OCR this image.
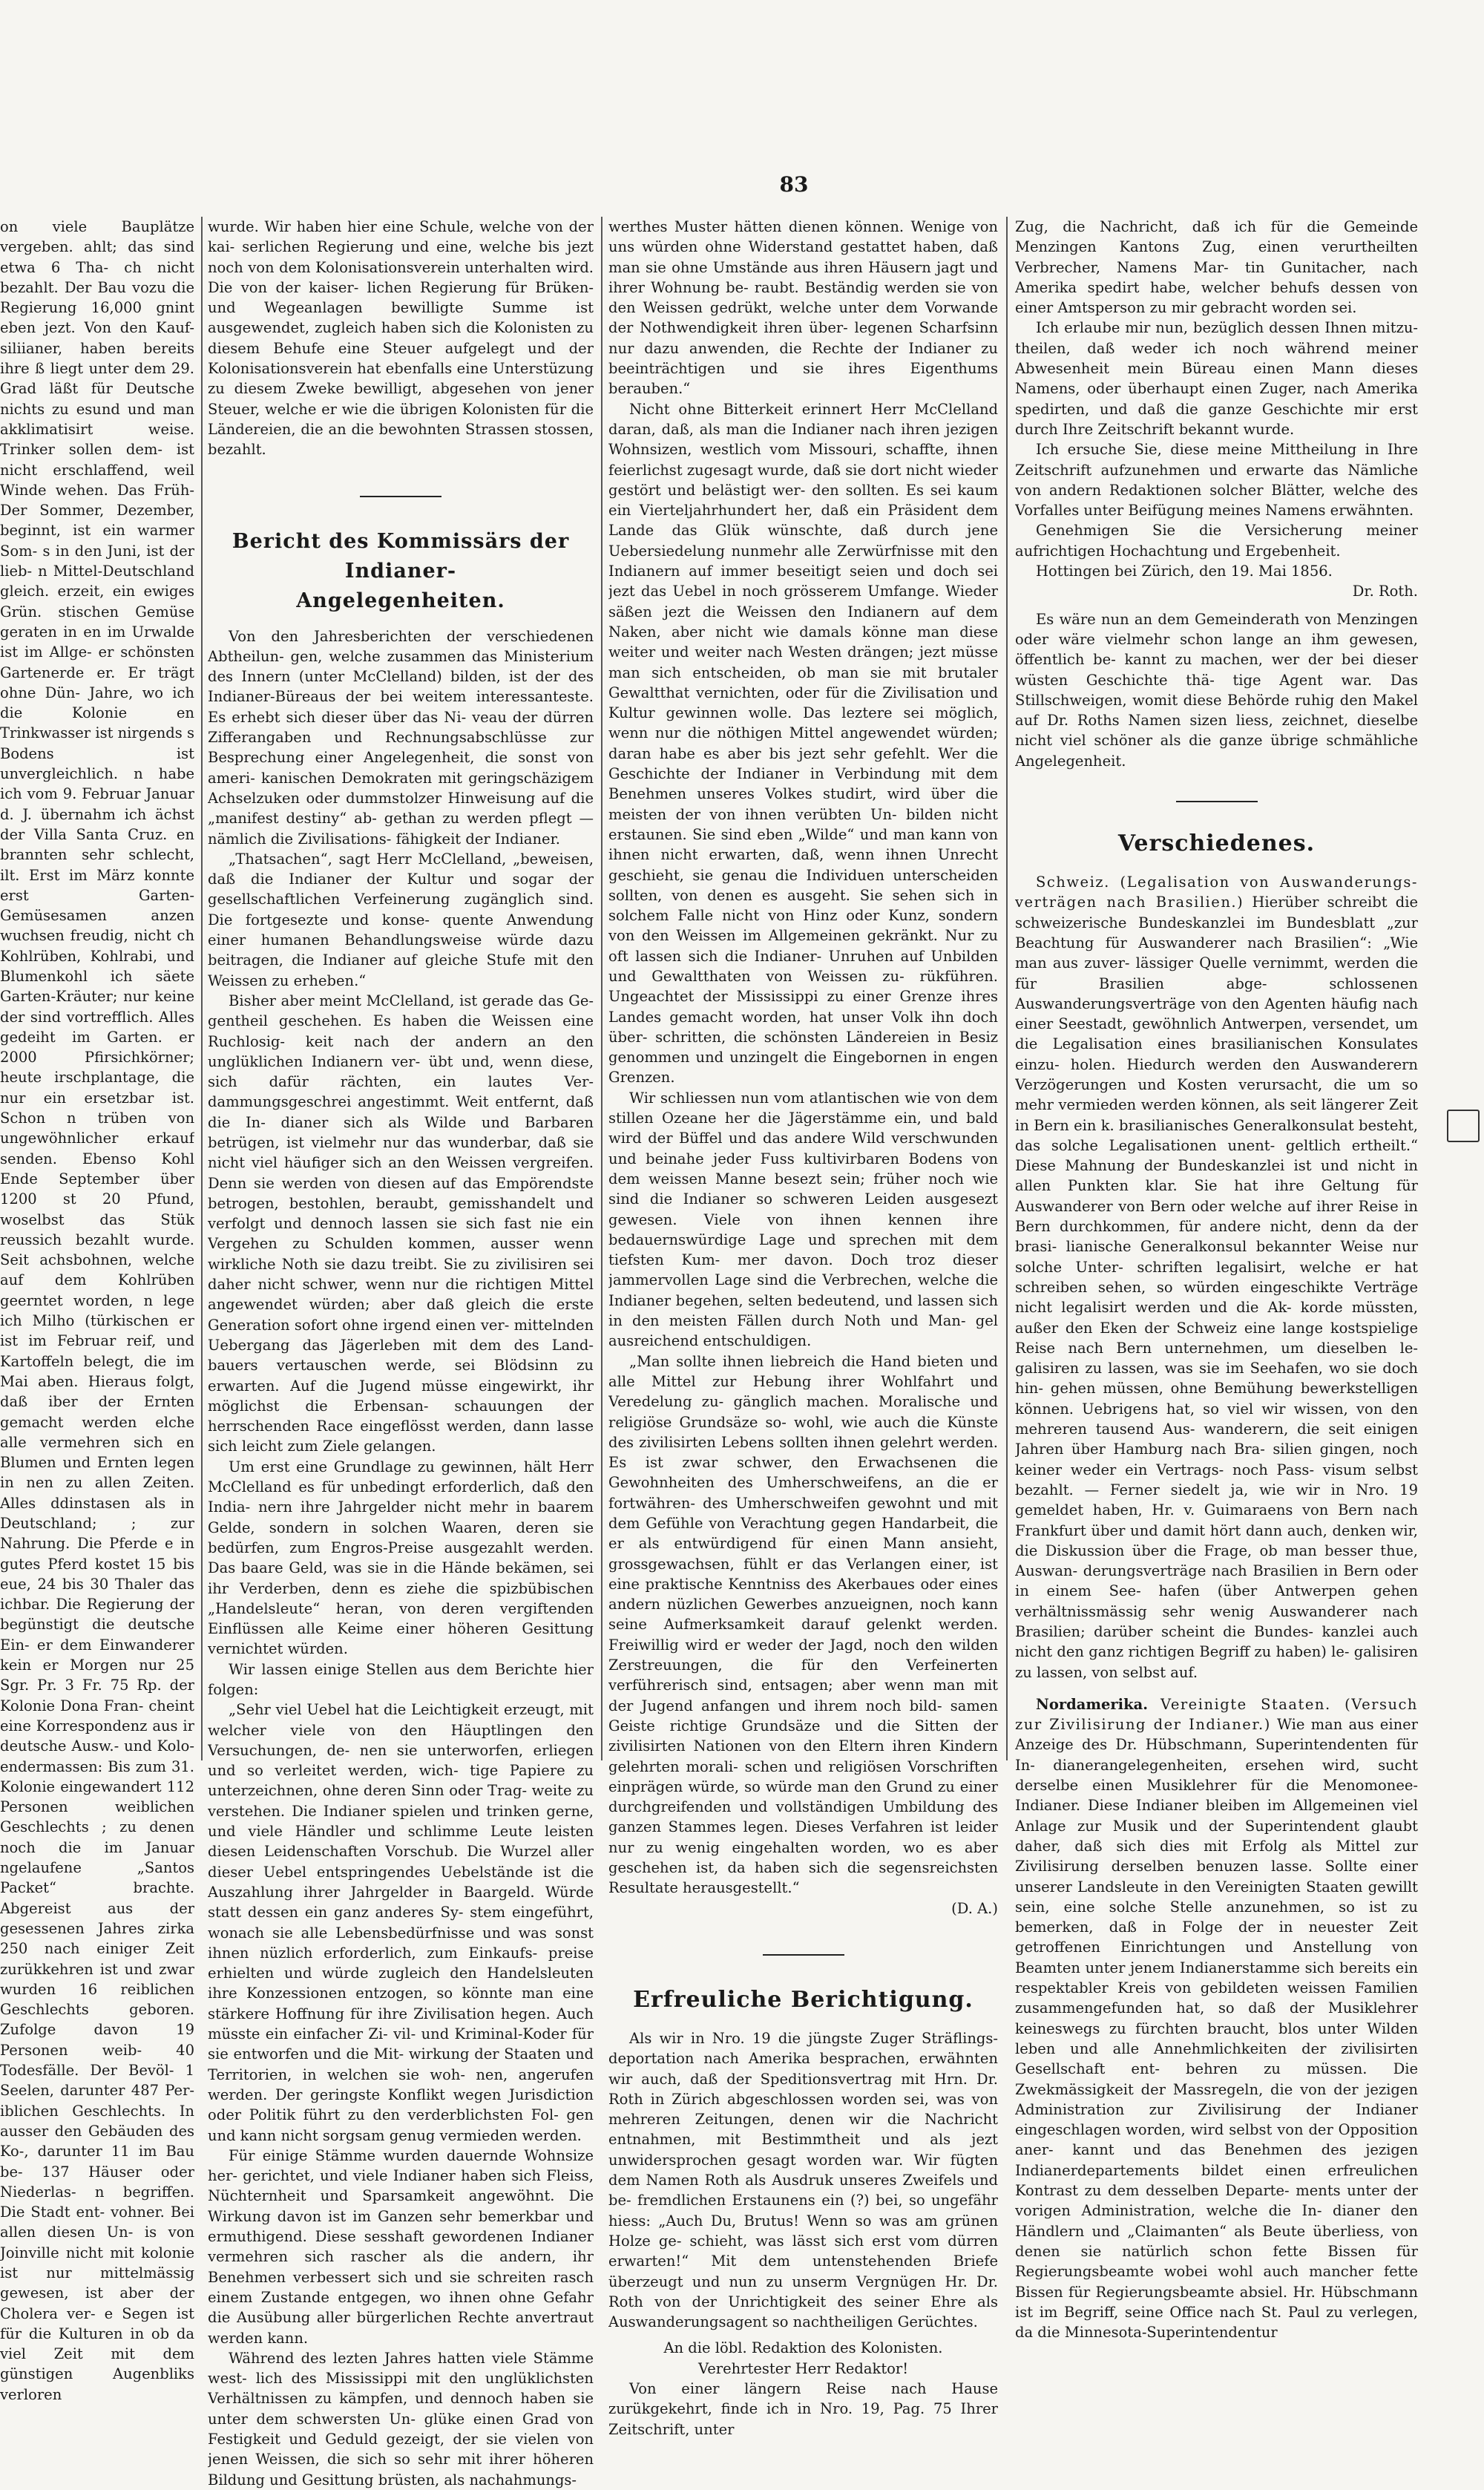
83

on viele Bauplätze vergeben. ahlt; das sind etwa 6 Tha- ch nicht bezahlt. Der Bau vozu die Regierung 16,000 gnint eben jezt. Von den Kauf- siliianer, haben bereits ihre ß liegt unter dem 29. Grad läßt für Deutsche nichts zu esund und man akklimatisirt weise. Trinker sollen dem- ist nicht erschlaffend, weil Winde wehen. Das Früh- Der Sommer, Dezember, beginnt, ist ein warmer Som- s in den Juni, ist der lieb- n Mittel-Deutschland gleich. erzeit, ein ewiges Grün. stischen Gemüse geraten in en im Urwalde ist im Allge- er schönsten Gartenerde er. Er trägt ohne Dün- Jahre, wo ich die Kolonie en Trinkwasser ist nirgends s Bodens ist unvergleichlich. n habe ich vom 9. Februar Januar d. J. übernahm ich ächst der Villa Santa Cruz. en brannten sehr schlecht, ilt. Erst im März konnte erst Garten-Gemüsesamen anzen wuchsen freudig, nicht ch Kohlrüben, Kohlrabi, und Blumenkohl ich säete Garten-Kräuter; nur keine der sind vortrefflich. Alles gedeiht im Garten. er 2000 Pfirsichkörner; heute irschplantage, die nur ein ersetzbar ist. Schon n trüben von ungewöhnlicher erkauf senden. Ebenso Kohl Ende September über 1200 st 20 Pfund, woselbst das Stük reussich bezahlt wurde. Seit achsbohnen, welche auf dem Kohlrüben geerntet worden, n lege ich Milho (türkischen er ist im Februar reif, und Kartoffeln belegt, die im Mai aben. Hieraus folgt, daß iber der Ernten gemacht werden elche alle vermehren sich en Blumen und Ernten legen in nen zu allen Zeiten. Alles ddinstasen als in Deutschland; ; zur Nahrung. Die Pferde e in gutes Pferd kostet 15 bis eue, 24 bis 30 Thaler das ichbar. Die Regierung der begünstigt die deutsche Ein- er dem Einwanderer kein er Morgen nur 25 Sgr. Pr. 3 Fr. 75 Rp. der Kolonie Dona Fran- cheint eine Korrespondenz aus ir deutsche Ausw.- und Kolo- endermassen: Bis zum 31. Kolonie eingewandert 112 Personen weiblichen Geschlechts ; zu denen noch die im Januar ngelaufene „Santos Packet“ brachte. Abgereist aus der gesessenen Jahres zirka 250 nach einiger Zeit zurükkehren ist und zwar wurden 16 reiblichen Geschlechts geboren. Zufolge davon 19 Personen weib- 40 Todesfälle. Der Bevöl- 1 Seelen, darunter 487 Per- iblichen Geschlechts. In ausser den Gebäuden des Ko-, darunter 11 im Bau be- 137 Häuser oder Niederlas- n begriffen. Die Stadt ent- vohner. Bei allen diesen Un- is von Joinville nicht mit kolonie ist nur mittelmässig gewesen, ist aber der Cholera ver- e Segen ist für die Kulturen in ob da viel Zeit mit dem günstigen Augenbliks verloren

wurde. Wir haben hier eine Schule, welche von der kai- serlichen Regierung und eine, welche bis jezt noch von dem Kolonisationsverein unterhalten wird. Die von der kaiser- lichen Regierung für Brüken- und Wegeanlagen bewilligte Summe ist ausgewendet, zugleich haben sich die Kolonisten zu diesem Behufe eine Steuer aufgelegt und der Kolonisationsverein hat ebenfalls eine Unterstüzung zu diesem Zweke bewilligt, abgesehen von jener Steuer, welche er wie die übrigen Kolonisten für die Ländereien, die an die bewohnten Strassen stossen, bezahlt.

Bericht des Kommissärs der Indianer-
Angelegenheiten.

Von den Jahresberichten der verschiedenen Abtheilun- gen, welche zusammen das Ministerium des Innern (unter McClelland) bilden, ist der des Indianer-Büreaus der bei weitem interessanteste. Es erhebt sich dieser über das Ni- veau der dürren Zifferangaben und Rechnungsabschlüsse zur Besprechung einer Angelegenheit, die sonst von ameri- kanischen Demokraten mit geringschäzigem Achselzuken oder dummstolzer Hinweisung auf die „manifest destiny“ ab- gethan zu werden pflegt — nämlich die Zivilisations- fähigkeit der Indianer.

„Thatsachen“, sagt Herr McClelland, „beweisen, daß die Indianer der Kultur und sogar der gesellschaftlichen Verfeinerung zugänglich sind. Die fortgesezte und konse- quente Anwendung einer humanen Behandlungsweise würde dazu beitragen, die Indianer auf gleiche Stufe mit den Weissen zu erheben.“

Bisher aber meint McClelland, ist gerade das Ge- gentheil geschehen. Es haben die Weissen eine Ruchlosig- keit nach der andern an den unglüklichen Indianern ver- übt und, wenn diese, sich dafür rächten, ein lautes Ver- dammungsgeschrei angestimmt. Weit entfernt, daß die In- dianer sich als Wilde und Barbaren betrügen, ist vielmehr nur das wunderbar, daß sie nicht viel häufiger sich an den Weissen vergreifen. Denn sie werden von diesen auf das Empörendste betrogen, bestohlen, beraubt, gemisshandelt und verfolgt und dennoch lassen sie sich fast nie ein Vergehen zu Schulden kommen, ausser wenn wirkliche Noth sie dazu treibt. Sie zu zivilisiren sei daher nicht schwer, wenn nur die richtigen Mittel angewendet würden; aber daß gleich die erste Generation sofort ohne irgend einen ver- mittelnden Uebergang das Jägerleben mit dem des Land- bauers vertauschen werde, sei Blödsinn zu erwarten. Auf die Jugend müsse eingewirkt, ihr möglichst die Erbensan- schauungen der herrschenden Race eingeflösst werden, dann lasse sich leicht zum Ziele gelangen.

Um erst eine Grundlage zu gewinnen, hält Herr McClelland es für unbedingt erforderlich, daß den India- nern ihre Jahrgelder nicht mehr in baarem Gelde, sondern in solchen Waaren, deren sie bedürfen, zum Engros-Preise ausgezahlt werden. Das baare Geld, was sie in die Hände bekämen, sei ihr Verderben, denn es ziehe die spizbübischen „Handelsleute“ heran, von deren vergiftenden Einflüssen alle Keime einer höheren Gesittung vernichtet würden.

Wir lassen einige Stellen aus dem Berichte hier folgen:

„Sehr viel Uebel hat die Leichtigkeit erzeugt, mit welcher viele von den Häuptlingen den Versuchungen, de- nen sie unterworfen, erliegen und so verleitet werden, wich- tige Papiere zu unterzeichnen, ohne deren Sinn oder Trag- weite zu verstehen. Die Indianer spielen und trinken gerne, und viele Händler und schlimme Leute leisten diesen Leidenschaften Vorschub. Die Wurzel aller dieser Uebel entspringendes Uebelstände ist die Auszahlung ihrer Jahrgelder in Baargeld. Würde statt dessen ein ganz anderes Sy- stem eingeführt, wonach sie alle Lebensbedürfnisse und was sonst ihnen nüzlich erforderlich, zum Einkaufs- preise erhielten und würde zugleich den Handelsleuten ihre Konzessionen entzogen, so könnte man eine stärkere Hoffnung für ihre Zivilisation hegen. Auch müsste ein einfacher Zi- vil- und Kriminal-Koder für sie entworfen und die Mit- wirkung der Staaten und Territorien, in welchen sie woh- nen, angerufen werden. Der geringste Konflikt wegen Jurisdiction oder Politik führt zu den verderblichsten Fol- gen und kann nicht sorgsam genug vermieden werden.

Für einige Stämme wurden dauernde Wohnsize her- gerichtet, und viele Indianer haben sich Fleiss, Nüchternheit und Sparsamkeit angewöhnt. Die Wirkung davon ist im Ganzen sehr bemerkbar und ermuthigend. Diese sesshaft gewordenen Indianer vermehren sich rascher als die andern, ihr Benehmen verbessert sich und sie schreiten rasch einem Zustande entgegen, wo ihnen ohne Gefahr die Ausübung aller bürgerlichen Rechte anvertraut werden kann.

Während des lezten Jahres hatten viele Stämme west- lich des Mississippi mit den unglüklichsten Verhältnissen zu kämpfen, und dennoch haben sie unter dem schwersten Un- glüke einen Grad von Festigkeit und Geduld gezeigt, der sie vielen von jenen Weissen, die sich so sehr mit ihrer höheren Bildung und Gesittung brüsten, als nachahmungs-

werthes Muster hätten dienen können. Wenige von uns würden ohne Widerstand gestattet haben, daß man sie ohne Umstände aus ihren Häusern jagt und ihrer Wohnung be- raubt. Beständig werden sie von den Weissen gedrükt, welche unter dem Vorwande der Nothwendigkeit ihren über- legenen Scharfsinn nur dazu anwenden, die Rechte der Indianer zu beeinträchtigen und sie ihres Eigenthums berauben.“

Nicht ohne Bitterkeit erinnert Herr McClelland daran, daß, als man die Indianer nach ihren jezigen Wohnsizen, westlich vom Missouri, schaffte, ihnen feierlichst zugesagt wurde, daß sie dort nicht wieder gestört und belästigt wer- den sollten. Es sei kaum ein Vierteljahrhundert her, daß ein Präsident dem Lande das Glük wünschte, daß durch jene Uebersiedelung nunmehr alle Zerwürfnisse mit den Indianern auf immer beseitigt seien und doch sei jezt das Uebel in noch grösserem Umfange. Wieder säßen jezt die Weissen den Indianern auf dem Naken, aber nicht wie damals könne man diese weiter und weiter nach Westen drängen; jezt müsse man sich entscheiden, ob man sie mit brutaler Gewaltthat vernichten, oder für die Zivilisation und Kultur gewinnen wolle. Das leztere sei möglich, wenn nur die nöthigen Mittel angewendet würden; daran habe es aber bis jezt sehr gefehlt. Wer die Geschichte der Indianer in Verbindung mit dem Benehmen unseres Volkes studirt, wird über die meisten der von ihnen verübten Un- bilden nicht erstaunen. Sie sind eben „Wilde“ und man kann von ihnen nicht erwarten, daß, wenn ihnen Unrecht geschieht, sie genau die Individuen unterscheiden sollten, von denen es ausgeht. Sie sehen sich in solchem Falle nicht von Hinz oder Kunz, sondern von den Weissen im Allgemeinen gekränkt. Nur zu oft lassen sich die Indianer- Unruhen auf Unbilden und Gewaltthaten von Weissen zu- rükführen. Ungeachtet der Mississippi zu einer Grenze ihres Landes gemacht worden, hat unser Volk ihn doch über- schritten, die schönsten Ländereien in Besiz genommen und unzingelt die Eingebornen in engen Grenzen.

Wir schliessen nun vom atlantischen wie von dem stillen Ozeane her die Jägerstämme ein, und bald wird der Büffel und das andere Wild verschwunden und beinahe jeder Fuss kultivirbaren Bodens von dem weissen Manne besezt sein; früher noch wie sind die Indianer so schweren Leiden ausgesezt gewesen. Viele von ihnen kennen ihre bedauernswürdige Lage und sprechen mit dem tiefsten Kum- mer davon. Doch troz dieser jammervollen Lage sind die Verbrechen, welche die Indianer begehen, selten bedeutend, und lassen sich in den meisten Fällen durch Noth und Man- gel ausreichend entschuldigen.

„Man sollte ihnen liebreich die Hand bieten und alle Mittel zur Hebung ihrer Wohlfahrt und Veredelung zu- gänglich machen. Moralische und religiöse Grundsäze so- wohl, wie auch die Künste des zivilisirten Lebens sollten ihnen gelehrt werden. Es ist zwar schwer, den Erwachsenen die Gewohnheiten des Umherschweifens, an die er fortwähren- des Umherschweifen gewohnt und mit dem Gefühle von Verachtung gegen Handarbeit, die er als entwürdigend für einen Mann ansieht, grossgewachsen, fühlt er das Verlangen einer, ist eine praktische Kenntniss des Akerbaues oder eines andern nüzlichen Gewerbes anzueignen, noch kann seine Aufmerksamkeit darauf gelenkt werden. Freiwillig wird er weder der Jagd, noch den wilden Zerstreuungen, die für den Verfeinerten verführerisch sind, entsagen; aber wenn man mit der Jugend anfangen und ihrem noch bild- samen Geiste richtige Grundsäze und die Sitten der zivilisirten Nationen von den Eltern ihren Kindern gelehrten morali- schen und religiösen Vorschriften einprägen würde, so würde man den Grund zu einer durchgreifenden und vollständigen Umbildung des ganzen Stammes legen. Dieses Verfahren ist leider nur zu wenig eingehalten worden, wo es aber geschehen ist, da haben sich die segensreichsten Resultate herausgestellt.“

(D. A.)

Erfreuliche Berichtigung.

Als wir in Nro. 19 die jüngste Zuger Sträflings- deportation nach Amerika besprachen, erwähnten wir auch, daß der Speditionsvertrag mit Hrn. Dr. Roth in Zürich abgeschlossen worden sei, was von mehreren Zeitungen, denen wir die Nachricht entnahmen, mit Bestimmtheit und als jezt unwidersprochen gesagt worden war. Wir fügten dem Namen Roth als Ausdruk unseres Zweifels und be- fremdlichen Erstaunens ein (?) bei, so ungefähr hiess: „Auch Du, Brutus! Wenn so was am grünen Holze ge- schieht, was lässt sich erst vom dürren erwarten!“ Mit dem untenstehenden Briefe überzeugt und nun zu unserm Vergnügen Hr. Dr. Roth von der Unrichtigkeit des seiner Ehre als Auswanderungsagent so nachtheiligen Gerüchtes.

An die löbl. Redaktion des Kolonisten.

Verehrtester Herr Redaktor!

Von einer längern Reise nach Hause zurükgekehrt, finde ich in Nro. 19, Pag. 75 Ihrer Zeitschrift, unter

Zug, die Nachricht, daß ich für die Gemeinde Menzingen Kantons Zug, einen verurtheilten Verbrecher, Namens Mar- tin Gunitacher, nach Amerika spedirt habe, welcher behufs dessen von einer Amtsperson zu mir gebracht worden sei.

Ich erlaube mir nun, bezüglich dessen Ihnen mitzu- theilen, daß weder ich noch während meiner Abwesenheit mein Büreau einen Mann dieses Namens, oder überhaupt einen Zuger, nach Amerika spedirten, und daß die ganze Geschichte mir erst durch Ihre Zeitschrift bekannt wurde.

Ich ersuche Sie, diese meine Mittheilung in Ihre Zeitschrift aufzunehmen und erwarte das Nämliche von andern Redaktionen solcher Blätter, welche des Vorfalles unter Beifügung meines Namens erwähnten.

Genehmigen Sie die Versicherung meiner aufrichtigen Hochachtung und Ergebenheit.

Hottingen bei Zürich, den 19. Mai 1856.

Dr. Roth.

Es wäre nun an dem Gemeinderath von Menzingen oder wäre vielmehr schon lange an ihm gewesen, öffentlich be- kannt zu machen, wer der bei dieser wüsten Geschichte thä- tige Agent war. Das Stillschweigen, womit diese Behörde ruhig den Makel auf Dr. Roths Namen sizen liess, zeichnet, dieselbe nicht viel schöner als die ganze übrige schmähliche Angelegenheit.

Verschiedenes.

Schweiz. (Legalisation von Auswanderungs- verträgen nach Brasilien.) Hierüber schreibt die schweizerische Bundeskanzlei im Bundesblatt „zur Beachtung für Auswanderer nach Brasilien“: „Wie man aus zuver- lässiger Quelle vernimmt, werden die für Brasilien abge- schlossenen Auswanderungsverträge von den Agenten häufig nach einer Seestadt, gewöhnlich Antwerpen, versendet, um die Legalisation eines brasilianischen Konsulates einzu- holen. Hiedurch werden den Auswanderern Verzögerungen und Kosten verursacht, die um so mehr vermieden werden können, als seit längerer Zeit in Bern ein k. brasilianisches Generalkonsulat besteht, das solche Legalisationen unent- geltlich ertheilt.“ Diese Mahnung der Bundeskanzlei ist und nicht in allen Punkten klar. Sie hat ihre Geltung für Auswanderer von Bern oder welche auf ihrer Reise in Bern durchkommen, für andere nicht, denn da der brasi- lianische Generalkonsul bekannter Weise nur solche Unter- schriften legalisirt, welche er hat schreiben sehen, so würden eingeschikte Verträge nicht legalisirt werden und die Ak- korde müssten, außer den Eken der Schweiz eine lange kostspielige Reise nach Bern unternehmen, um dieselben le- galisiren zu lassen, was sie im Seehafen, wo sie doch hin- gehen müssen, ohne Bemühung bewerkstelligen können. Uebrigens hat, so viel wir wissen, von den mehreren tausend Aus- wanderern, die seit einigen Jahren über Hamburg nach Bra- silien gingen, noch keiner weder ein Vertrags- noch Pass- visum selbst bezahlt. — Ferner siedelt ja, wie wir in Nro. 19 gemeldet haben, Hr. v. Guimaraens von Bern nach Frankfurt über und damit hört dann auch, denken wir, die Diskussion über die Frage, ob man besser thue, Auswan- derungsverträge nach Brasilien in Bern oder in einem See- hafen (über Antwerpen gehen verhältnissmässig sehr wenig Auswanderer nach Brasilien; darüber scheint die Bundes- kanzlei auch nicht den ganz richtigen Begriff zu haben) le- galisiren zu lassen, von selbst auf.

Nordamerika. Vereinigte Staaten. (Versuch zur Zivilisirung der Indianer.) Wie man aus einer Anzeige des Dr. Hübschmann, Superintendenten für In- dianerangelegenheiten, ersehen wird, sucht derselbe einen Musiklehrer für die Menomonee-Indianer. Diese Indianer bleiben im Allgemeinen viel Anlage zur Musik und der Superintendent glaubt daher, daß sich dies mit Erfolg als Mittel zur Zivilisirung derselben benuzen lasse. Sollte einer unserer Landsleute in den Vereinigten Staaten gewillt sein, eine solche Stelle anzunehmen, so ist zu bemerken, daß in Folge der in neuester Zeit getroffenen Einrichtungen und Anstellung von Beamten unter jenem Indianerstamme sich bereits ein respektabler Kreis von gebildeten weissen Familien zusammengefunden hat, so daß der Musiklehrer keineswegs zu fürchten braucht, blos unter Wilden leben und alle Annehmlichkeiten der zivilisirten Gesellschaft ent- behren zu müssen. Die Zwekmässigkeit der Massregeln, die von der jezigen Administration zur Zivilisirung der Indianer eingeschlagen worden, wird selbst von der Opposition aner- kannt und das Benehmen des jezigen Indianerdepartements bildet einen erfreulichen Kontrast zu dem desselben Departe- ments unter der vorigen Administration, welche die In- dianer den Händlern und „Claimanten“ als Beute überliess, von denen sie natürlich schon fette Bissen für Regierungsbeamte wobei wohl auch mancher fette Bissen für Regierungsbeamte absiel. Hr. Hübschmann ist im Begriff, seine Office nach St. Paul zu verlegen, da die Minnesota-Superintendentur
